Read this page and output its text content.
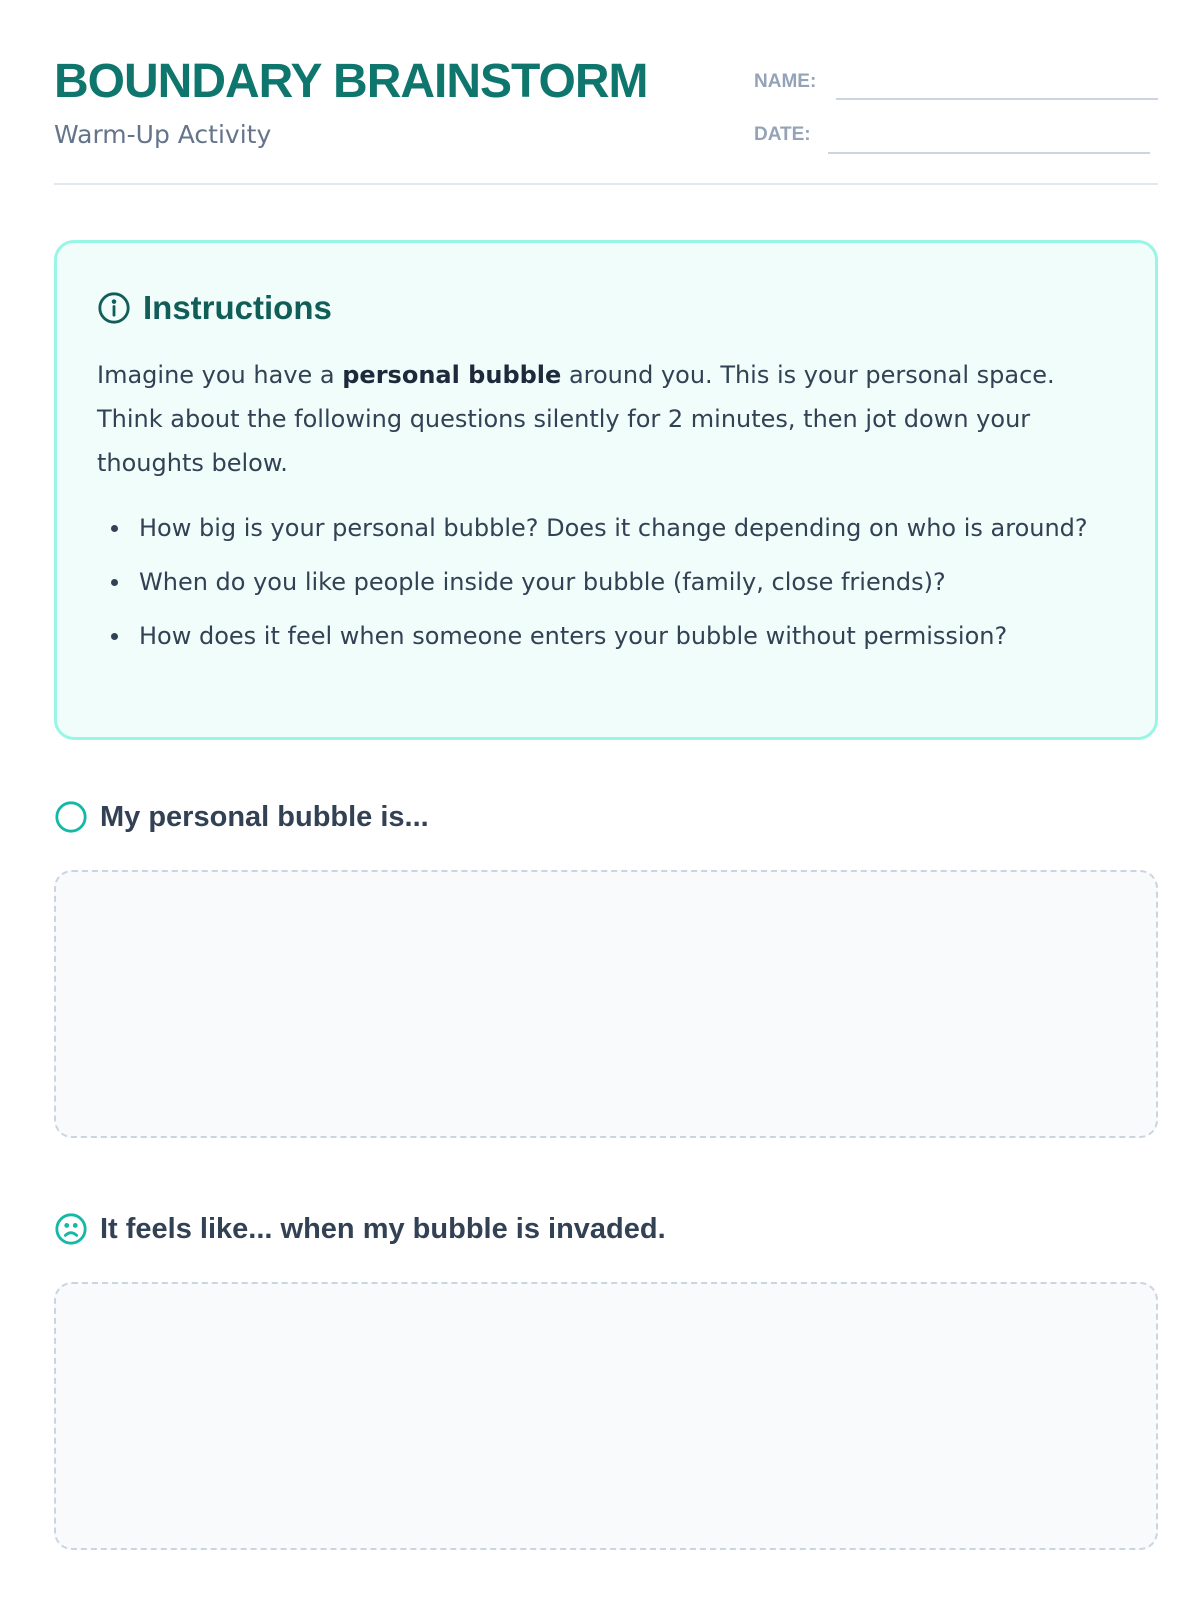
BOUNDARY BRAINSTORM
Warm-Up Activity
NAME:
DATE:
Instructions

Imagine you have a personal bubble around you. This is your personal space. Think about the following questions silently for 2 minutes, then jot down your thoughts below.

How big is your personal bubble? Does it change depending on who is around?
When do you like people inside your bubble (family, close friends)?
How does it feel when someone enters your bubble without permission?
My personal bubble is...
It feels like... when my bubble is invaded.
